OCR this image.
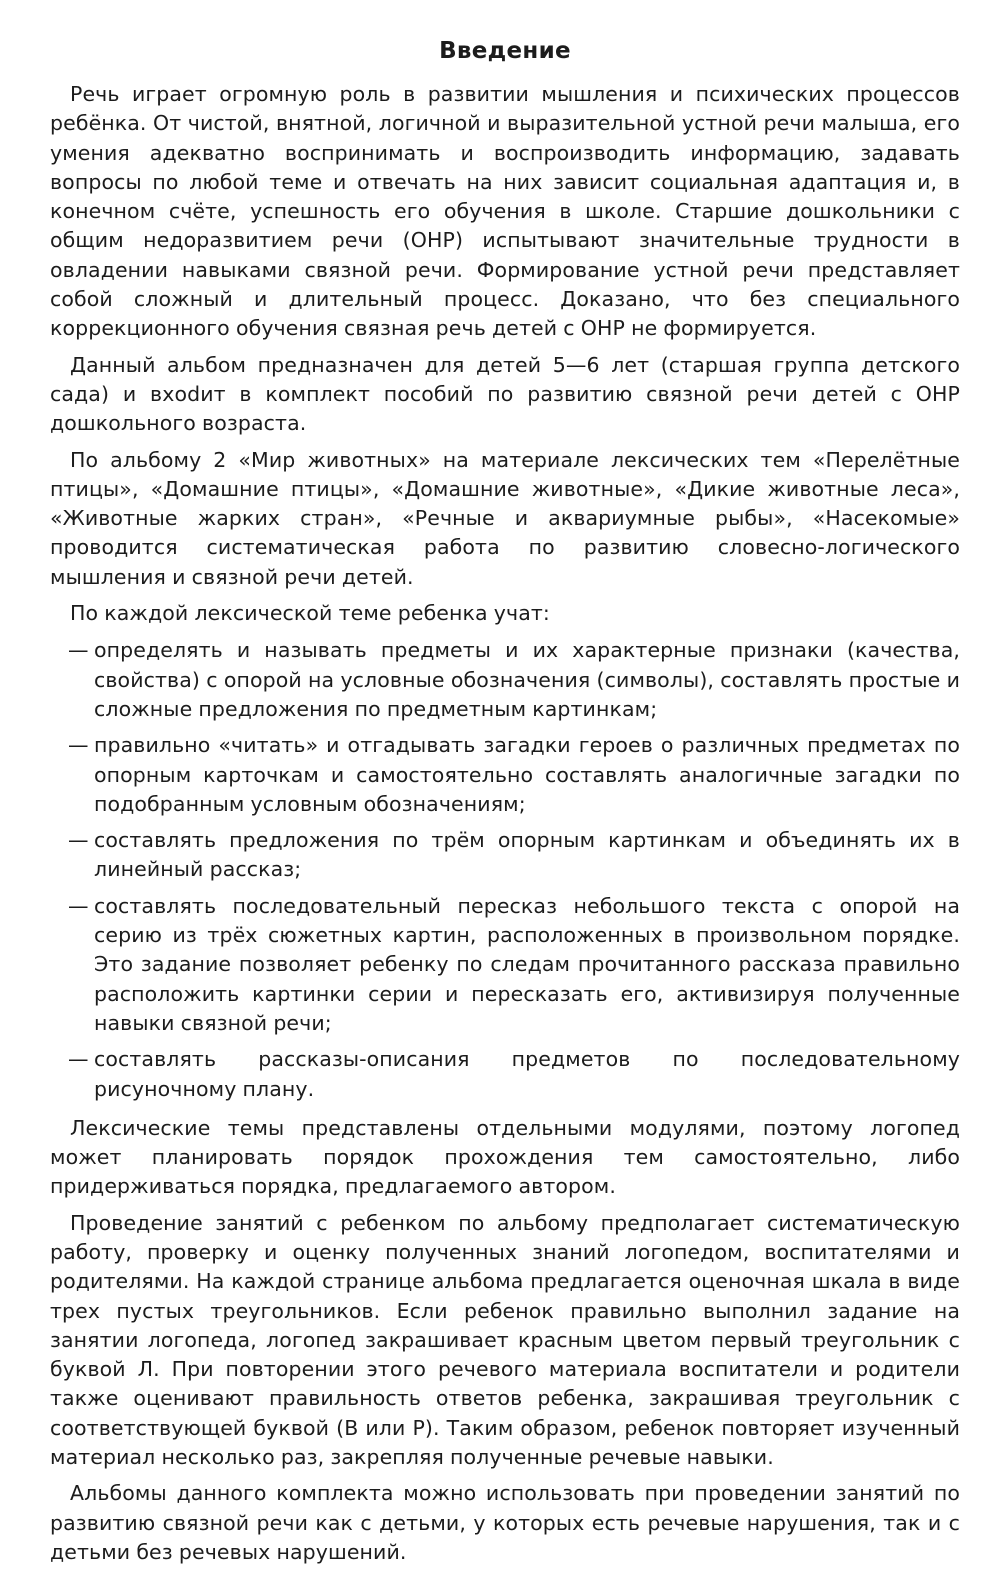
Введение

Речь играет огромную роль в развитии мышления и психических процессов ребёнка. От чистой, внятной, логичной и выразительной устной речи малыша, его умения адекватно воспринимать и воспроизводить информацию, задавать вопросы по любой теме и отвечать на них зависит социальная адаптация и, в конечном счёте, успешность его обучения в школе. Старшие дошкольники с общим недоразвитием речи (ОНР) испытывают значительные трудности в овладении навыками связной речи. Формирование устной речи представляет собой сложный и длительный процесс. Доказано, что без специального коррекционного обучения связная речь детей с ОНР не формируется.

Данный альбом предназначен для детей 5—6 лет (старшая группа детского сада) и вхоdит в комплект пособий по развитию связной речи детей с ОНР дошкольного возраста.

По альбому 2 «Мир животных» на материале лексических тем «Перелётные птицы», «Домашние птицы», «Домашние животные», «Дикие животные леса», «Животные жарких стран», «Речные и аквариумные рыбы», «Насекомые» проводится систематическая работа по развитию словесно-логического мышления и связной речи детей.

По каждой лексической теме ребенка учат:

— определять и называть предметы и их характерные признаки (качества, свойства) с опорой на условные обозначения (символы), составлять простые и сложные предложения по предметным картинкам;
— правильно «читать» и отгадывать загадки героев о различных предметах по опорным карточкам и самостоятельно составлять аналогичные загадки по подобранным условным обозначениям;
— составлять предложения по трём опорным картинкам и объединять их в линейный рассказ;
— составлять последовательный пересказ небольшого текста с опорой на серию из трёх сюжетных картин, расположенных в произвольном порядке. Это задание позволяет ребенку по следам прочитанного рассказа правильно расположить картинки серии и пересказать его, активизируя полученные навыки связной речи;
— составлять рассказы-описания предметов по последовательному рисуночному плану.

Лексические темы представлены отдельными модулями, поэтому логопед может планировать порядок прохождения тем самостоятельно, либо придерживаться порядка, предлагаемого автором.

Проведение занятий с ребенком по альбому предполагает систематическую работу, проверку и оценку полученных знаний логопедом, воспитателями и родителями. На каждой странице альбома предлагается оценочная шкала в виде трех пустых треугольников. Если ребенок правильно выполнил задание на занятии логопеда, логопед закрашивает красным цветом первый треугольник с буквой Л. При повторении этого речевого материала воспитатели и родители также оценивают правильность ответов ребенка, закрашивая треугольник с соответствующей буквой (В или Р). Таким образом, ребенок повторяет изученный материал несколько раз, закрепляя полученные речевые навыки.

Альбомы данного комплекта можно использовать при проведении занятий по развитию связной речи как с детьми, у которых есть речевые нарушения, так и с детьми без речевых нарушений.
